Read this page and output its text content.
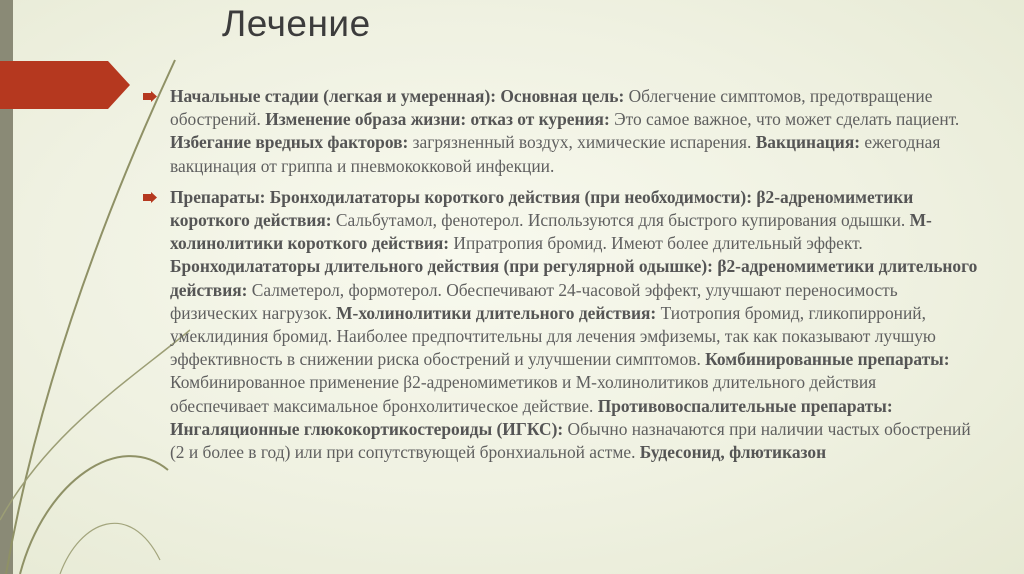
Лечение
Начальные стадии (легкая и умеренная): Основная цель: Облегчение симптомов, предотвращение обострений. Изменение образа жизни: отказ от курения: Это самое важное, что может сделать пациент. Избегание вредных факторов: загрязненный воздух, химические испарения. Вакцинация: ежегодная вакцинация от гриппа и пневмококковой инфекции.
Препараты: Бронходилататоры короткого действия (при необходимости): β2-адреномиметики короткого действия: Сальбутамол, фенотерол. Используются для быстрого купирования одышки. М-холинолитики короткого действия: Ипратропия бромид. Имеют более длительный эффект. Бронходилататоры длительного действия (при регулярной одышке): β2-адреномиметики длительного действия: Салметерол, формотерол. Обеспечивают 24-часовой эффект, улучшают переносимость физических нагрузок. М-холинолитики длительного действия: Тиотропия бромид, гликопирроний, умеклидиния бромид. Наиболее предпочтительны для лечения эмфиземы, так как показывают лучшую эффективность в снижении риска обострений и улучшении симптомов. Комбинированные препараты: Комбинированное применение β2-адреномиметиков и М-холинолитиков длительного действия обеспечивает максимальное бронхолитическое действие. Противовоспалительные препараты: Ингаляционные глюкокортикостероиды (ИГКС): Обычно назначаются при наличии частых обострений (2 и более в год) или при сопутствующей бронхиальной астме. Будесонид, флютиказон
